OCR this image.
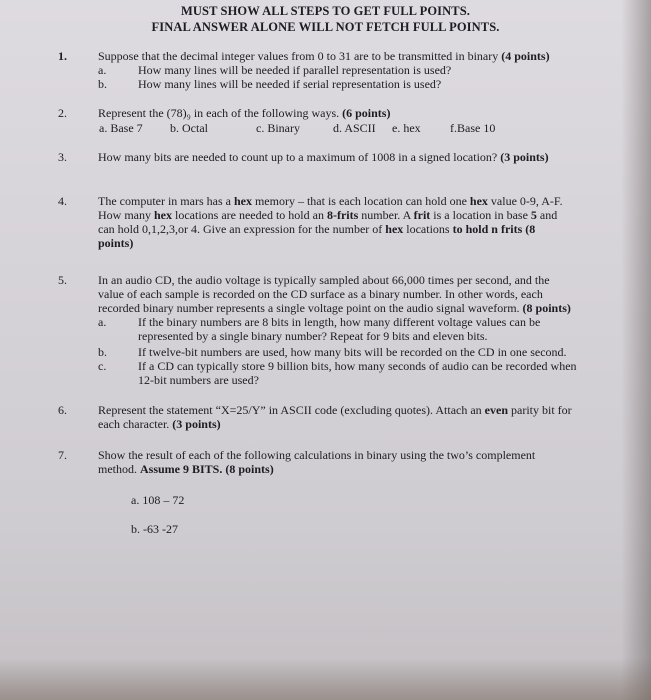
MUST SHOW ALL STEPS TO GET FULL POINTS.
FINAL ANSWER ALONE WILL NOT FETCH FULL POINTS.
1.	Suppose that the decimal integer values from 0 to 31 are to be transmitted in binary (4 points)
a.	How many lines will be needed if parallel representation is used?
b.	How many lines will be needed if serial representation is used?
2.	Represent the (78)₉ in each of the following ways. (6 points)
a. Base 7 b. Octal	c. Binary	d. ASCII e. hex f.Base 10
3.	How many bits are needed to count up to a maximum of 1008 in a signed location? (3 points)
4.	The computer in mars has a hex memory – that is each location can hold one hex value 0-9, A-F.
How many hex locations are needed to hold an 8-frits number. A frit is a location in base 5 and
can hold 0,1,2,3,or 4. Give an expression for the number of hex locations to hold n frits (8
points)
5.	In an audio CD, the audio voltage is typically sampled about 66,000 times per second, and the
value of each sample is recorded on the CD surface as a binary number. In other words, each
recorded binary number represents a single voltage point on the audio signal waveform. (8 points)
a.	If the binary numbers are 8 bits in length, how many different voltage values can be
represented by a single binary number? Repeat for 9 bits and eleven bits.
b.	If twelve-bit numbers are used, how many bits will be recorded on the CD in one second.
c.	If a CD can typically store 9 billion bits, how many seconds of audio can be recorded when
12-bit numbers are used?
6.	Represent the statement “X=25/Y” in ASCII code (excluding quotes). Attach an even parity bit for
each character. (3 points)
7.	Show the result of each of the following calculations in binary using the two’s complement
method. Assume 9 BITS. (8 points)
a. 108 – 72
b. -63 -27
